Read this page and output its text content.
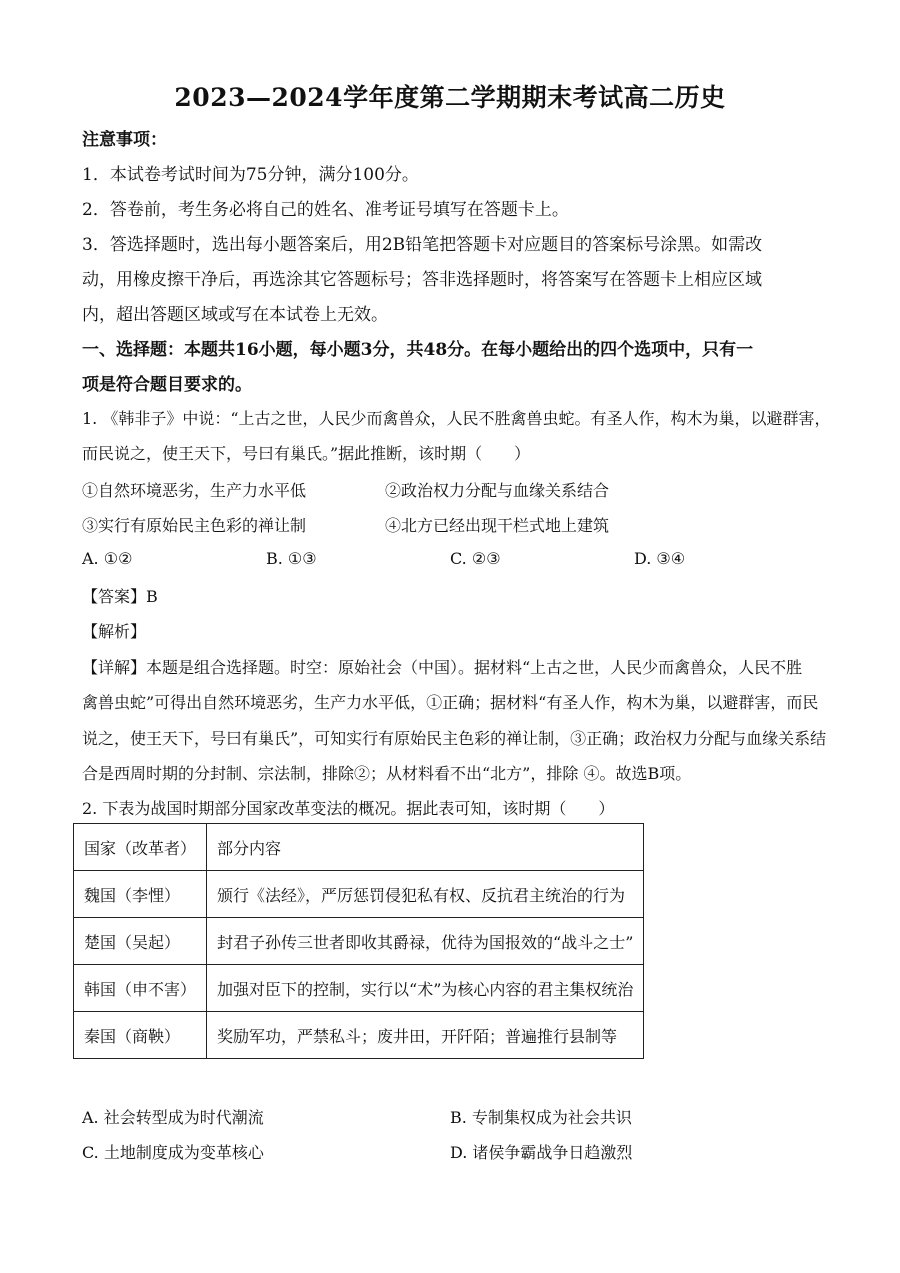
2023—2024学年度第二学期期末考试高二历史
注意事项：
1．本试卷考试时间为75分钟，满分100分。
2．答卷前，考生务必将自己的姓名、准考证号填写在答题卡上。
3．答选择题时，选出每小题答案后，用2B铅笔把答题卡对应题目的答案标号涂黑。如需改
动，用橡皮擦干净后，再选涂其它答题标号；答非选择题时，将答案写在答题卡上相应区域
内，超出答题区域或写在本试卷上无效。
一、选择题：本题共16小题，每小题3分，共48分。在每小题给出的四个选项中，只有一
项是符合题目要求的。
1. 《韩非子》中说：“上古之世，人民少而禽兽众，人民不胜禽兽虫蛇。有圣人作，构木为巢，以避群害，
而民说之，使王天下，号曰有巢氏。”据此推断，该时期（　　）
①自然环境恶劣，生产力水平低	②政治权力分配与血缘关系结合
③实行有原始民主色彩的禅让制	④北方已经出现干栏式地上建筑
A. ①②	B. ①③	C. ②③	D. ③④
【答案】B
【解析】
【详解】本题是组合选择题。时空：原始社会（中国）。据材料“上古之世，人民少而禽兽众，人民不胜
禽兽虫蛇”可得出自然环境恶劣，生产力水平低，①正确；据材料“有圣人作，构木为巢，以避群害，而民
说之，使王天下，号曰有巢氏”，可知实行有原始民主色彩的禅让制，③正确；政治权力分配与血缘关系结
合是西周时期的分封制、宗法制，排除②；从材料看不出“北方”，排除 ④。故选B项。
2. 下表为战国时期部分国家改革变法的概况。据此表可知，该时期（　　）
国家（改革者）	部分内容
魏国（李悝）	颁行《法经》，严厉惩罚侵犯私有权、反抗君主统治的行为
楚国（吴起）	封君子孙传三世者即收其爵禄，优待为国报效的“战斗之士”
韩国（申不害）	加强对臣下的控制，实行以“术”为核心内容的君主集权统治
秦国（商鞅）	奖励军功，严禁私斗；废井田，开阡陌；普遍推行县制等
A. 社会转型成为时代潮流	B. 专制集权成为社会共识
C. 土地制度成为变革核心	D. 诸侯争霸战争日趋激烈
